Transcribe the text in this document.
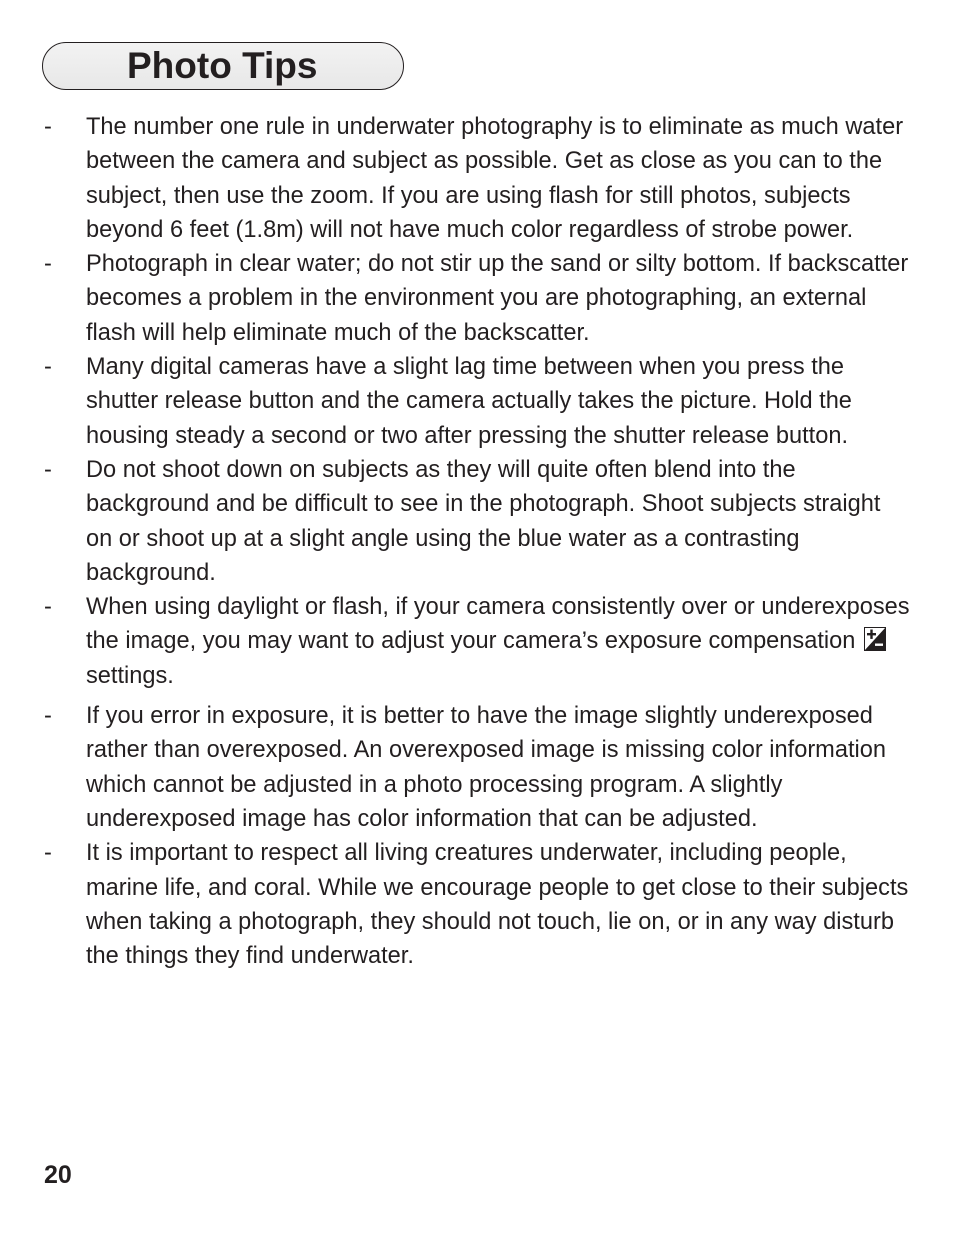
Photo Tips
- The number one rule in underwater photography is to eliminate as much water between the camera and subject as possible. Get as close as you can to the subject, then use the zoom. If you are using flash for still photos, subjects beyond 6 feet (1.8m) will not have much color regardless of strobe power.
- Photograph in clear water; do not stir up the sand or silty bottom. If backscatter becomes a problem in the environment you are photographing, an external flash will help eliminate much of the backscatter.
- Many digital cameras have a slight lag time between when you press the shutter release button and the camera actually takes the picture. Hold the housing steady a second or two after pressing the shutter release button.
- Do not shoot down on subjects as they will quite often blend into the background and be difficult to see in the photograph. Shoot subjects straight on or shoot up at a slight angle using the blue water as a contrasting background.
- When using daylight or flash, if your camera consistently over or underexposes the image, you may want to adjust your camera’s exposure compensation  settings.
- If you error in exposure, it is better to have the image slightly underexposed rather than overexposed. An overexposed image is missing color information which cannot be adjusted in a photo processing program. A slightly underexposed image has color information that can be adjusted.
- It is important to respect all living creatures underwater, including people, marine life, and coral. While we encourage people to get close to their subjects when taking a photograph, they should not touch, lie on, or in any way disturb the things they find underwater.
20
